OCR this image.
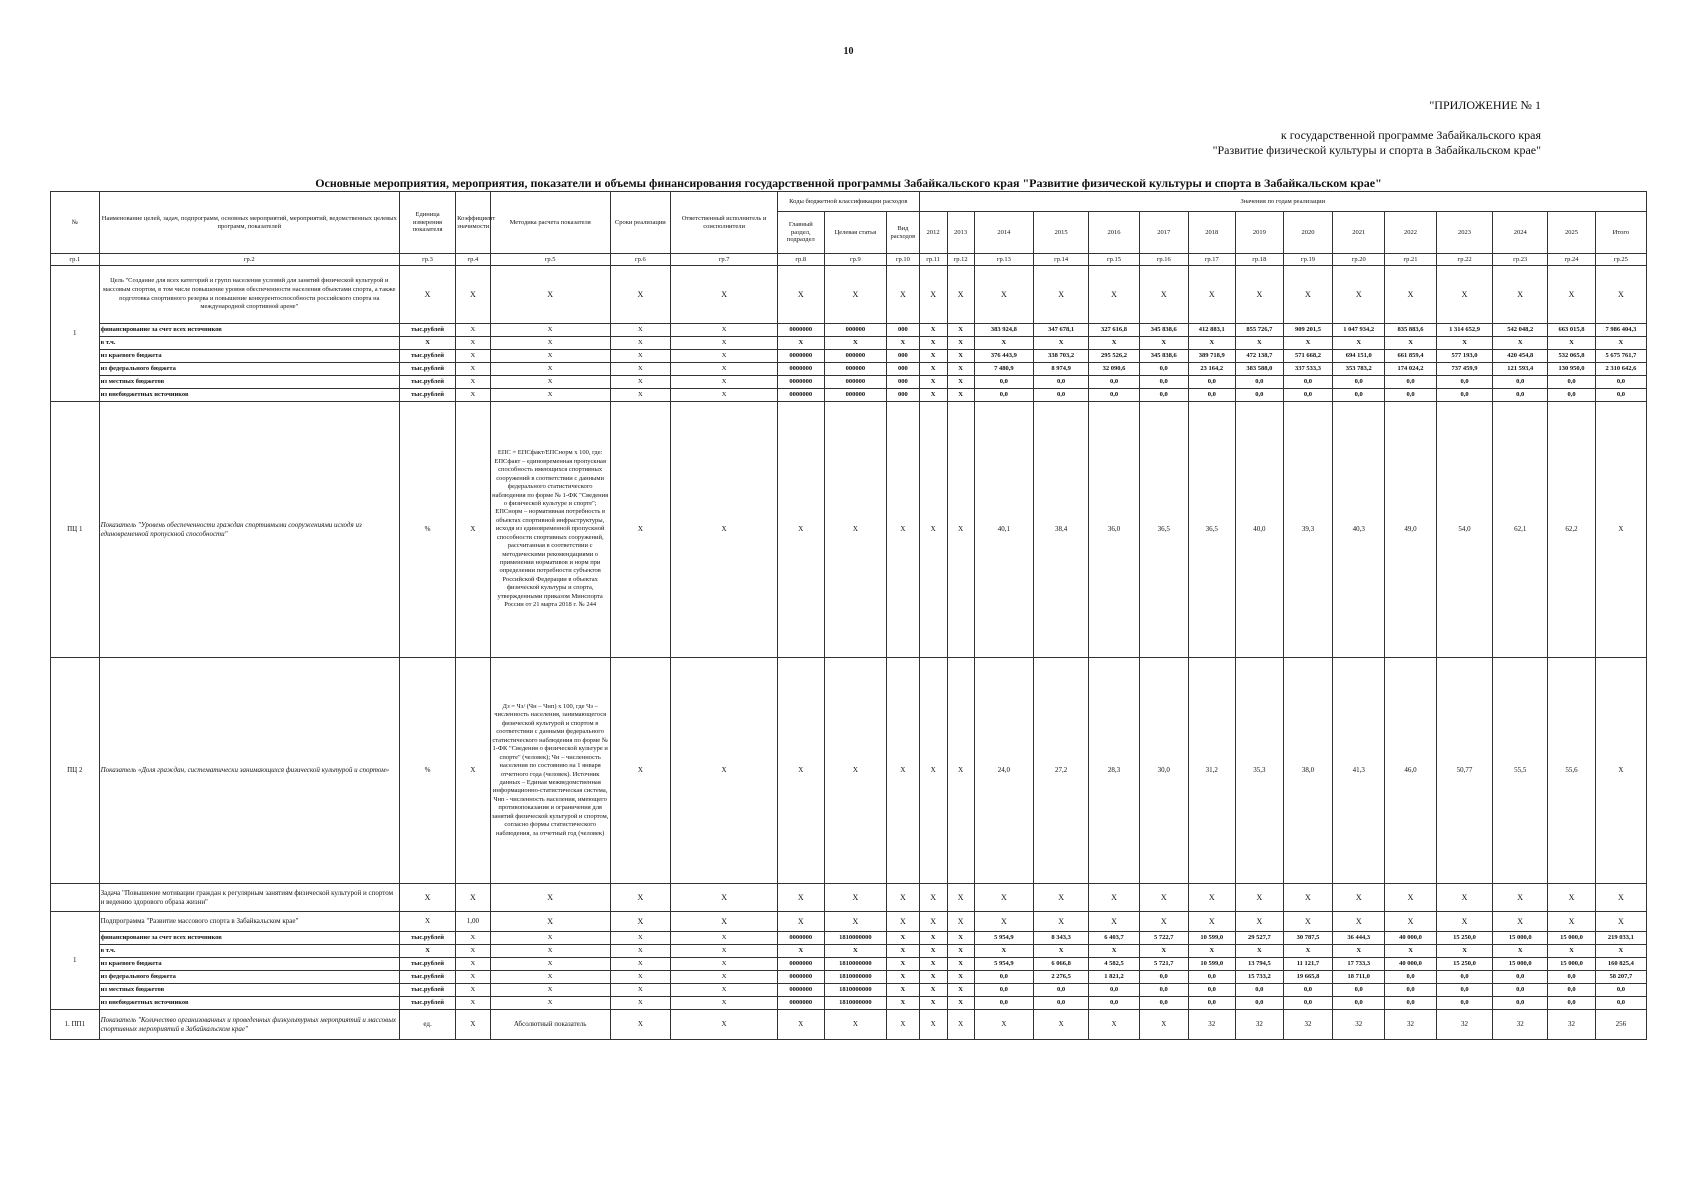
10
"ПРИЛОЖЕНИЕ № 1
к государственной программе Забайкальского края
"Развитие физической культуры и спорта в Забайкальском крае"
Основные мероприятия, мероприятия, показатели и объемы финансирования государственной программы Забайкальского края "Развитие физической культуры и спорта в Забайкальском крае"																								
№	Наименование целей, задач, подпрограмм, основных мероприятий, мероприятий, ведомственных целевых программ, показателей	Единица измерения показателя	Коэффициент значимости	Методика расчета показателя	Сроки реализации	Ответственный исполнитель и соисполнители	Коды бюджетной классификации расходов			Значения по годам реализации														
							Главный раздел, подраздел	Целевая статья	Вид расходов	2012	2013	2014	2015	2016	2017	2018	2019	2020	2021	2022	2023	2024	2025	Итого
гр.1	гр.2	гр.3	гр.4	гр.5	гр.6	гр.7	гр.8	гр.9	гр.10	гр.11	гр.12	гр.13	гр.14	гр.15	гр.16	гр.17	гр.18	гр.19	гр.20	гр.21	гр.22	гр.23	гр.24	гр.25
1	Цель "Создание для всех категорий и групп населения условий для занятий физической культурой и массовым спортом, в том числе повышение уровня обеспеченности населения объектами спорта, а также подготовка спортивного резерва и повышение конкурентоспособности российского спорта на международной спортивной арене"	X	X	X	X	X	X	X	X	X	X	X	X	X	X	X	X	X	X	X	X	X	X	X
	финансирование за счет всех источников	тыс.рублей	X	X	X	X	0000000	000000	000	X	X	383 924,8	347 678,1	327 616,8	345 838,6	412 883,1	855 726,7	909 201,5	1 047 934,2	835 883,6	1 314 652,9	542 048,2	663 015,8	7 986 404,3
	в т.ч.	X	X	X	X	X	X	X	X	X	X	X	X	X	X	X	X	X	X	X	X	X	X	X
	из краевого бюджета	тыс.рублей	X	X	X	X	0000000	000000	000	X	X	376 443,9	338 703,2	295 526,2	345 838,6	389 718,9	472 138,7	571 668,2	694 151,0	661 859,4	577 193,0	420 454,8	532 065,8	5 675 761,7
	из федерального бюджета	тыс.рублей	X	X	X	X	0000000	000000	000	X	X	7 480,9	8 974,9	32 090,6	0,0	23 164,2	383 588,0	337 533,3	353 783,2	174 024,2	737 459,9	121 593,4	130 950,0	2 310 642,6
	из местных бюджетов	тыс.рублей	X	X	X	X	0000000	000000	000	X	X	0,0	0,0	0,0	0,0	0,0	0,0	0,0	0,0	0,0	0,0	0,0	0,0	0,0
	из внебюджетных источников	тыс.рублей	X	X	X	X	0000000	000000	000	X	X	0,0	0,0	0,0	0,0	0,0	0,0	0,0	0,0	0,0	0,0	0,0	0,0	0,0
ПЦ 1	Показатель "Уровень обеспеченности граждан спортивными сооружениями исходя из единовременной пропускной способности"	%	X	ЕПС = ЕПСфакт/ЕПСнорм х 100, где: ЕПСфакт – единовременная пропускная способность имеющихся спортивных сооружений в соответствии с данными федерального статистического наблюдения по форме № 1-ФК "Сведения о физической культуре и спорте"; ЕПСнорм – нормативная потребность в объектах спортивной инфраструктуры, исходя из единовременной пропускной способности спортивных сооружений, рассчитанная в соответствии с методическими рекомендациями о применении нормативов и норм при определении потребности субъектов Российской Федерации в объектах физической культуры и спорта, утвержденными приказом Минспорта России от 21 марта 2018 г. № 244	X	X	X	X	X	X	X	40,1	38,4	36,0	36,5	36,5	40,0	39,3	40,3	49,0	54,0	62,1	62,2	X
ПЦ 2	Показатель «Доля граждан, систематически занимающихся физической культурой и спортом»	%	X	Дз = Чз/ (Чн – Чнп) х 100, где Чз – численность населения, занимающегося физической культурой и спортом в соответствии с данными федерального статистического наблюдения по форме № 1-ФК "Сведения о физической культуре и спорте" (человек); Чн – численность населения по состоянию на 1 января отчетного года (человек). Источник данных – Единая межведомственная информационно-статистическая система, Чнп - численность населения, имеющего противопоказания и ограничения для занятий физической культурой и спортом, согласно формы статистического наблюдения, за отчетный год (человек)	X	X	X	X	X	X	X	24,0	27,2	28,3	30,0	31,2	35,3	38,0	41,3	46,0	50,77	55,5	55,6	X
	Задача "Повышение мотивации граждан к регулярным занятиям физической культурой и спортом и ведению здорового образа жизни"	X	X	X	X	X	X	X	X	X	X	X	X	X	X	X	X	X	X	X	X	X	X	X
1	Подпрограмма "Развитие массового спорта в Забайкальском крае"	X	1,00	X	X	X	X	X	X	X	X	X	X	X	X	X	X	X	X	X	X	X	X	X
	финансирование за счет всех источников	тыс.рублей	X	X	X	X	0000000	1810000000	X	X	X	5 954,9	8 343,3	6 403,7	5 722,7	10 599,0	29 527,7	30 787,5	36 444,3	40 000,0	15 250,0	15 000,0	15 000,0	219 033,1
	в т.ч.	X	X	X	X	X	X	X	X	X	X	X	X	X	X	X	X	X	X	X	X	X	X	X
	из краевого бюджета	тыс.рублей	X	X	X	X	0000000	1810000000	X	X	X	5 954,9	6 066,8	4 582,5	5 721,7	10 599,0	13 794,5	11 121,7	17 733,3	40 000,0	15 250,0	15 000,0	15 000,0	160 825,4
	из федерального бюджета	тыс.рублей	X	X	X	X	0000000	1810000000	X	X	X	0,0	2 276,5	1 821,2	0,0	0,0	15 733,2	19 665,8	18 711,0	0,0	0,0	0,0	0,0	58 207,7
	из местных бюджетов	тыс.рублей	X	X	X	X	0000000	1810000000	X	X	X	0,0	0,0	0,0	0,0	0,0	0,0	0,0	0,0	0,0	0,0	0,0	0,0	0,0
	из внебюджетных источников	тыс.рублей	X	X	X	X	0000000	1810000000	X	X	X	0,0	0,0	0,0	0,0	0,0	0,0	0,0	0,0	0,0	0,0	0,0	0,0	0,0
1. ПП1	Показатель "Количество организованных и проведенных физкультурных мероприятий и массовых спортивных мероприятий в Забайкальском крае"	ед.	X	Абсолютный показатель	X	X	X	X	X	X	X	X	X	X	X	32	32	32	32	32	32	32	32	256
